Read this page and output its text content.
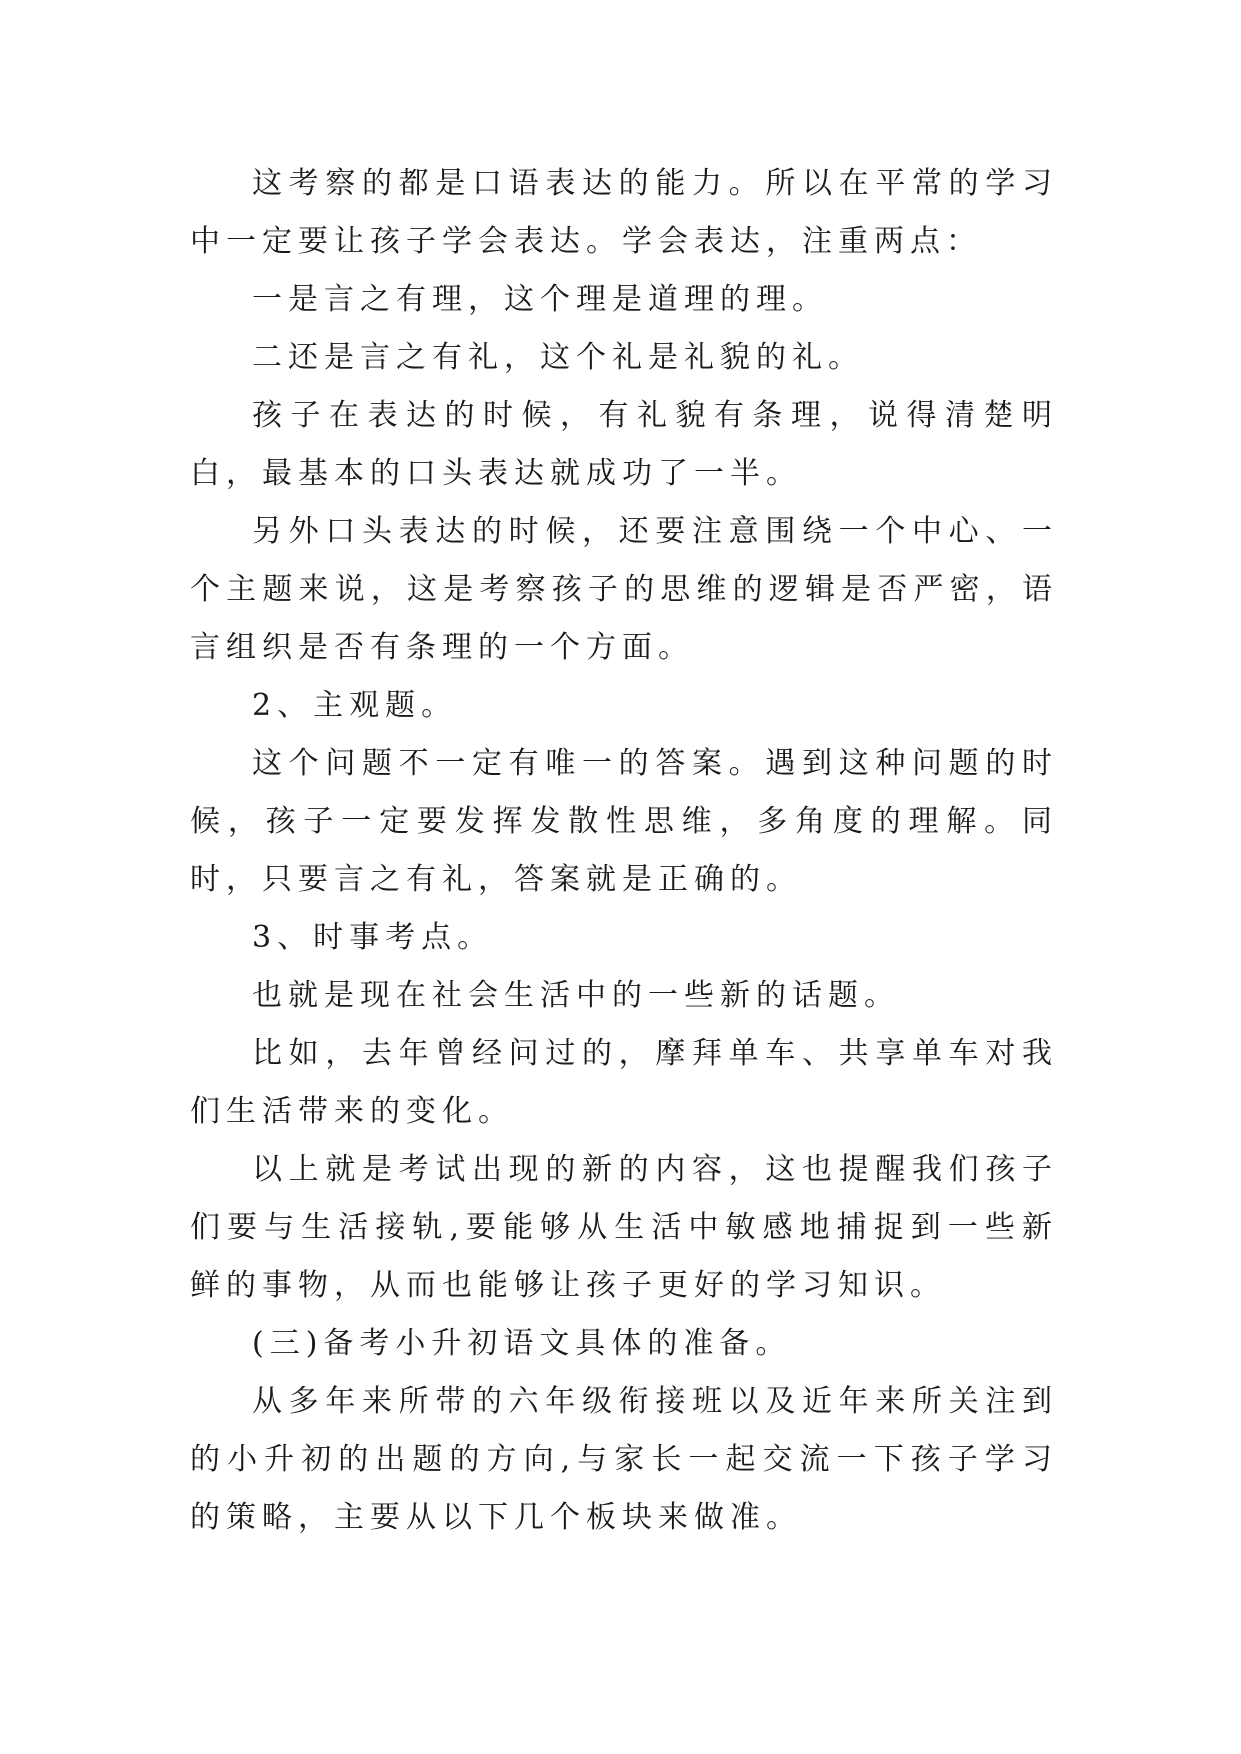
这考察的都是口语表达的能力。所以在平常的学习中一定要让孩子学会表达。学会表达，注重两点：

一是言之有理，这个理是道理的理。

二还是言之有礼，这个礼是礼貌的礼。

孩子在表达的时候，有礼貌有条理，说得清楚明白，最基本的口头表达就成功了一半。

另外口头表达的时候，还要注意围绕一个中心、一个主题来说，这是考察孩子的思维的逻辑是否严密，语言组织是否有条理的一个方面。

2、主观题。

这个问题不一定有唯一的答案。遇到这种问题的时候，孩子一定要发挥发散性思维，多角度的理解。同时，只要言之有礼，答案就是正确的。

3、时事考点。

也就是现在社会生活中的一些新的话题。

比如，去年曾经问过的，摩拜单车、共享单车对我们生活带来的变化。

以上就是考试出现的新的内容，这也提醒我们孩子们要与生活接轨,要能够从生活中敏感地捕捉到一些新鲜的事物，从而也能够让孩子更好的学习知识。

(三)备考小升初语文具体的准备。

从多年来所带的六年级衔接班以及近年来所关注到的小升初的出题的方向,与家长一起交流一下孩子学习的策略，主要从以下几个板块来做准。
